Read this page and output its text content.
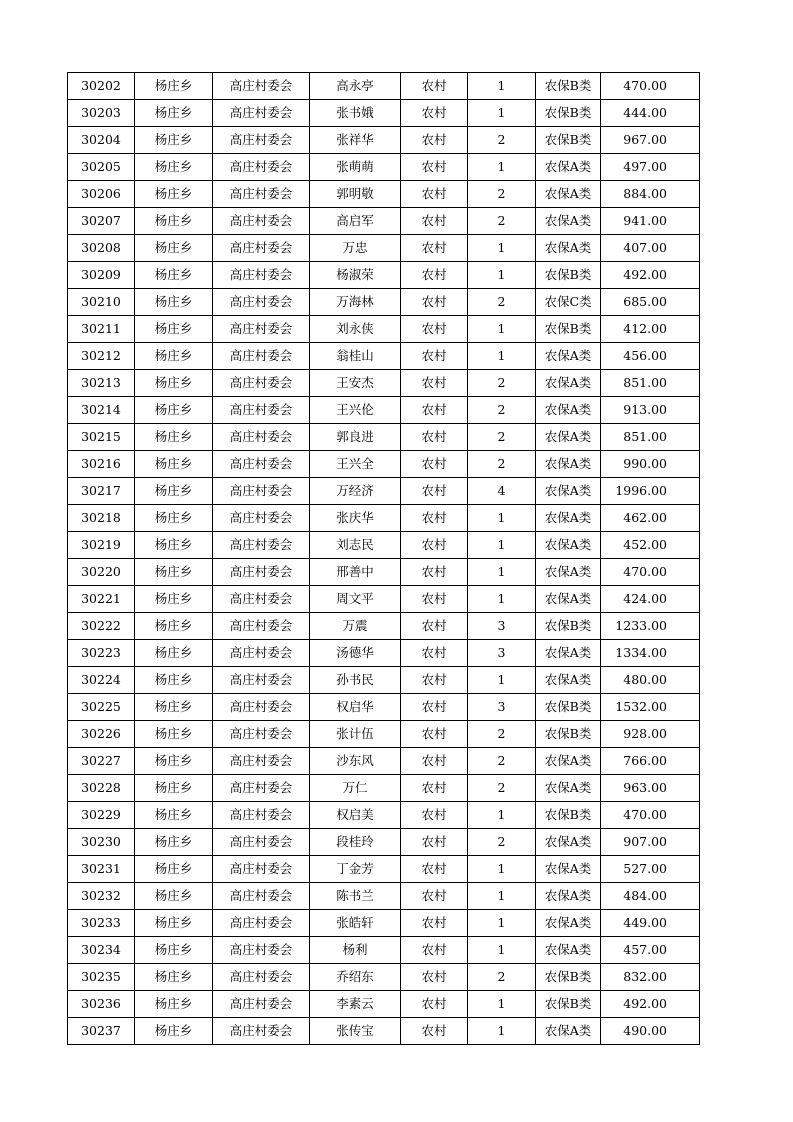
30202	杨庄乡	高庄村委会	高永亭	农村	1	农保B类	470.00
30203	杨庄乡	高庄村委会	张书娥	农村	1	农保B类	444.00
30204	杨庄乡	高庄村委会	张祥华	农村	2	农保B类	967.00
30205	杨庄乡	高庄村委会	张萌萌	农村	1	农保A类	497.00
30206	杨庄乡	高庄村委会	郭明敬	农村	2	农保A类	884.00
30207	杨庄乡	高庄村委会	高启军	农村	2	农保A类	941.00
30208	杨庄乡	高庄村委会	万忠	农村	1	农保A类	407.00
30209	杨庄乡	高庄村委会	杨淑荣	农村	1	农保B类	492.00
30210	杨庄乡	高庄村委会	万海林	农村	2	农保C类	685.00
30211	杨庄乡	高庄村委会	刘永侠	农村	1	农保B类	412.00
30212	杨庄乡	高庄村委会	翁桂山	农村	1	农保A类	456.00
30213	杨庄乡	高庄村委会	王安杰	农村	2	农保A类	851.00
30214	杨庄乡	高庄村委会	王兴伦	农村	2	农保A类	913.00
30215	杨庄乡	高庄村委会	郭良进	农村	2	农保A类	851.00
30216	杨庄乡	高庄村委会	王兴全	农村	2	农保A类	990.00
30217	杨庄乡	高庄村委会	万经济	农村	4	农保A类	1996.00
30218	杨庄乡	高庄村委会	张庆华	农村	1	农保A类	462.00
30219	杨庄乡	高庄村委会	刘志民	农村	1	农保A类	452.00
30220	杨庄乡	高庄村委会	邢善中	农村	1	农保A类	470.00
30221	杨庄乡	高庄村委会	周文平	农村	1	农保A类	424.00
30222	杨庄乡	高庄村委会	万震	农村	3	农保B类	1233.00
30223	杨庄乡	高庄村委会	汤德华	农村	3	农保A类	1334.00
30224	杨庄乡	高庄村委会	孙书民	农村	1	农保A类	480.00
30225	杨庄乡	高庄村委会	权启华	农村	3	农保B类	1532.00
30226	杨庄乡	高庄村委会	张计伍	农村	2	农保B类	928.00
30227	杨庄乡	高庄村委会	沙东风	农村	2	农保A类	766.00
30228	杨庄乡	高庄村委会	万仁	农村	2	农保A类	963.00
30229	杨庄乡	高庄村委会	权启美	农村	1	农保B类	470.00
30230	杨庄乡	高庄村委会	段桂玲	农村	2	农保A类	907.00
30231	杨庄乡	高庄村委会	丁金芳	农村	1	农保A类	527.00
30232	杨庄乡	高庄村委会	陈书兰	农村	1	农保A类	484.00
30233	杨庄乡	高庄村委会	张皓轩	农村	1	农保A类	449.00
30234	杨庄乡	高庄村委会	杨利	农村	1	农保A类	457.00
30235	杨庄乡	高庄村委会	乔绍东	农村	2	农保B类	832.00
30236	杨庄乡	高庄村委会	李素云	农村	1	农保B类	492.00
30237	杨庄乡	高庄村委会	张传宝	农村	1	农保A类	490.00
